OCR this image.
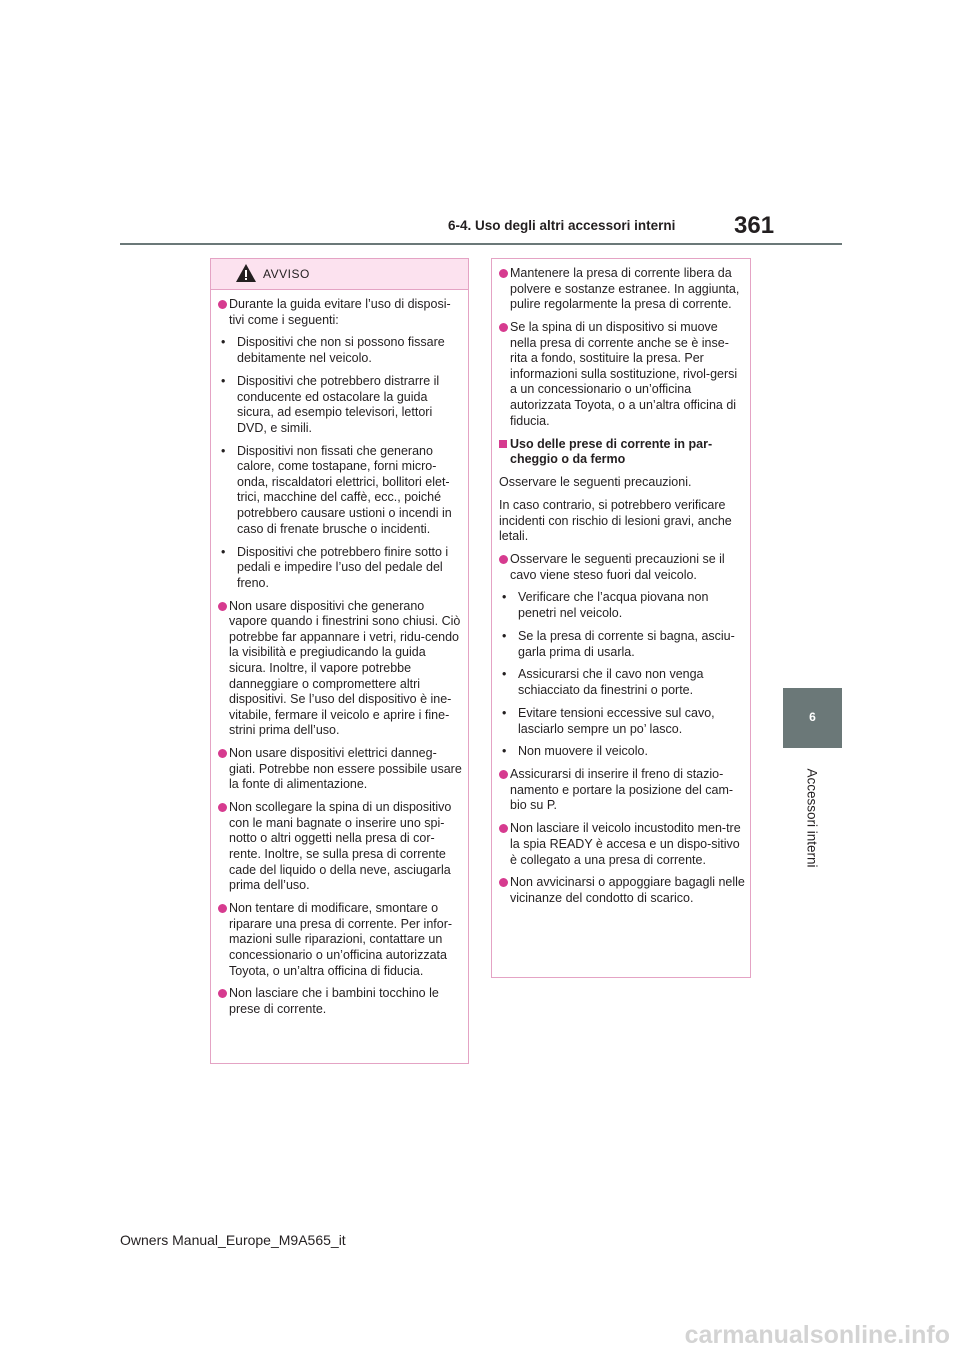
6-4. Uso degli altri accessori interni 361
6
Accessori interni
AVVISO
Durante la guida evitare l’uso di disposi-tivi come i seguenti:
• Dispositivi che non si possono fissare debitamente nel veicolo.
• Dispositivi che potrebbero distrarre il conducente ed ostacolare la guida sicura, ad esempio televisori, lettori DVD, e simili.
• Dispositivi non fissati che generano calore, come tostapane, forni micro-onda, riscaldatori elettrici, bollitori elet-trici, macchine del caffè, ecc., poiché potrebbero causare ustioni o incendi in caso di frenate brusche o incidenti.
• Dispositivi che potrebbero finire sotto i pedali e impedire l’uso del pedale del freno.
Non usare dispositivi che generano vapore quando i finestrini sono chiusi. Ciò potrebbe far appannare i vetri, ridu-cendo la visibilità e pregiudicando la guida sicura. Inoltre, il vapore potrebbe danneggiare o compromettere altri dispositivi. Se l’uso del dispositivo è ine-vitabile, fermare il veicolo e aprire i fine-strini prima dell’uso.
Non usare dispositivi elettrici danneg-giati. Potrebbe non essere possibile usare la fonte di alimentazione.
Non scollegare la spina di un dispositivo con le mani bagnate o inserire uno spi-notto o altri oggetti nella presa di cor-rente. Inoltre, se sulla presa di corrente cade del liquido o della neve, asciugarla prima dell’uso.
Non tentare di modificare, smontare o riparare una presa di corrente. Per infor-mazioni sulle riparazioni, contattare un concessionario o un’officina autorizzata Toyota, o un’altra officina di fiducia.
Non lasciare che i bambini tocchino le prese di corrente.
Mantenere la presa di corrente libera da polvere e sostanze estranee. In aggiunta, pulire regolarmente la presa di corrente.
Se la spina di un dispositivo si muove nella presa di corrente anche se è inse-rita a fondo, sostituire la presa. Per informazioni sulla sostituzione, rivol-gersi a un concessionario o un’officina autorizzata Toyota, o a un’altra officina di fiducia.
Uso delle prese di corrente in par-cheggio o da fermo
Osservare le seguenti precauzioni.
In caso contrario, si potrebbero verificare incidenti con rischio di lesioni gravi, anche letali.
Osservare le seguenti precauzioni se il cavo viene steso fuori dal veicolo.
• Verificare che l’acqua piovana non penetri nel veicolo.
• Se la presa di corrente si bagna, asciu-garla prima di usarla.
• Assicurarsi che il cavo non venga schiacciato da finestrini o porte.
• Evitare tensioni eccessive sul cavo, lasciarlo sempre un po’ lasco.
• Non muovere il veicolo.
Assicurarsi di inserire il freno di stazio-namento e portare la posizione del cam-bio su P.
Non lasciare il veicolo incustodito men-tre la spia READY è accesa e un dispo-sitivo è collegato a una presa di corrente.
Non avvicinarsi o appoggiare bagagli nelle vicinanze del condotto di scarico.
Owners Manual_Europe_M9A565_it
carmanualsonline.info
